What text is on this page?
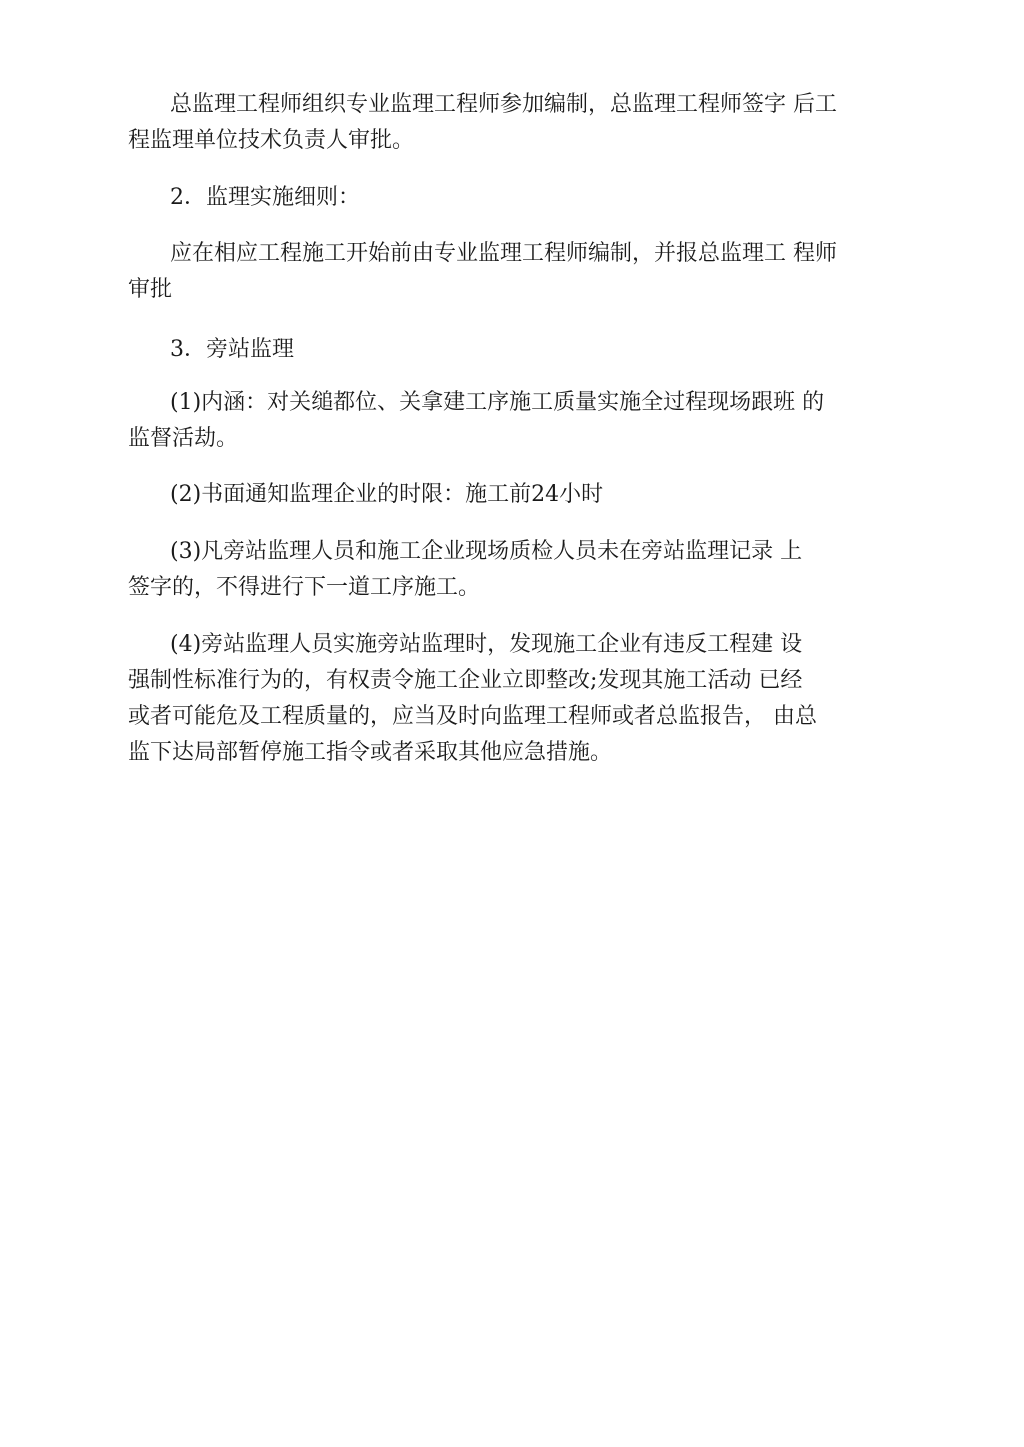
总监理工程师组织专业监理工程师参加编制，总监理工程师签字 后工
程监理单位技术负责人审批。
2．监理实施细则：
应在相应工程施工开始前由专业监理工程师编制，并报总监理工 程师
审批
3．旁站监理
(1)内涵：对关缒都位、关拿建工序施工质量实施全过程现场跟班 的
监督活劫。
(2)书面通知监理企业的时限：施工前24小时
(3)凡旁站监理人员和施工企业现场质检人员未在旁站监理记录 上
签字的，不得进行下一道工序施工。
(4)旁站监理人员实施旁站监理时，发现施工企业有违反工程建 设
强制性标准行为的，有权责令施工企业立即整改;发现其施工活动 已经
或者可能危及工程质量的，应当及时向监理工程师或者总监报告， 由总
监下达局部暂停施工指令或者采取其他应急措施。
